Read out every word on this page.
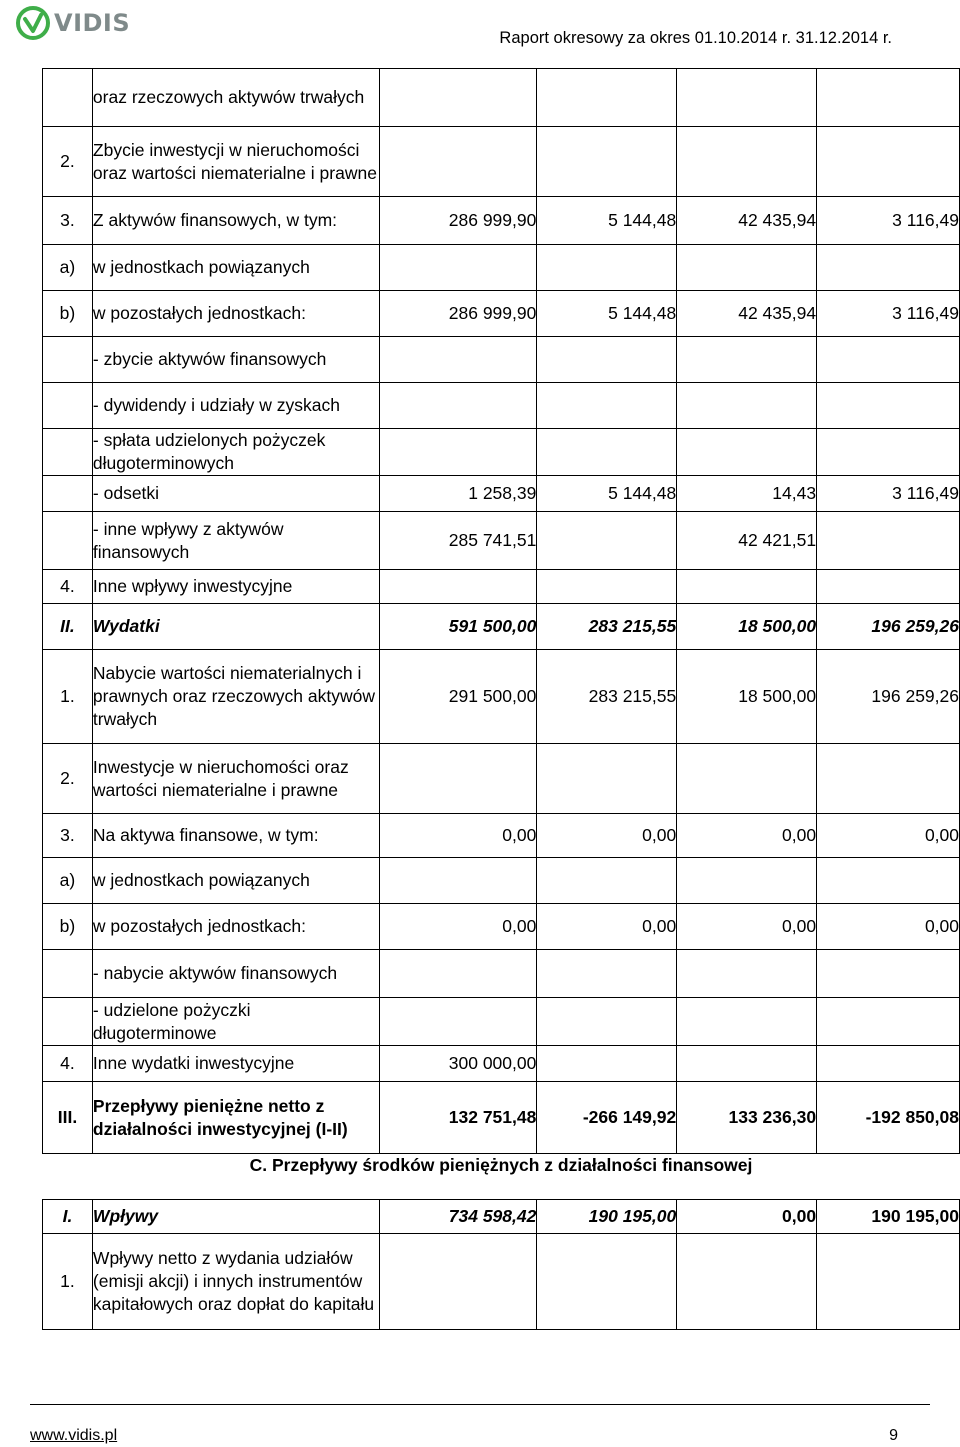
VIDIS
Raport okresowy za okres 01.10.2014 r. 31.12.2014 r.
	oraz rzeczowych aktywów trwałych				
2.	Zbycie inwestycji w nieruchomości oraz wartości niematerialne i prawne				
3.	Z aktywów finansowych, w tym:	286 999,90	5 144,48	42 435,94	3 116,49
a)	w jednostkach powiązanych				
b)	w pozostałych jednostkach:	286 999,90	5 144,48	42 435,94	3 116,49
	- zbycie aktywów finansowych				
	- dywidendy i udziały w zyskach				
	- spłata udzielonych pożyczek długoterminowych				
	- odsetki	1 258,39	5 144,48	14,43	3 116,49
	- inne wpływy z aktywów finansowych	285 741,51		42 421,51	
4.	Inne wpływy inwestycyjne				
II.	Wydatki	591 500,00	283 215,55	18 500,00	196 259,26
1.	Nabycie wartości niematerialnych i prawnych oraz rzeczowych aktywów trwałych	291 500,00	283 215,55	18 500,00	196 259,26
2.	Inwestycje w nieruchomości oraz wartości niematerialne i prawne				
3.	Na aktywa finansowe, w tym:	0,00	0,00	0,00	0,00
a)	w jednostkach powiązanych				
b)	w pozostałych jednostkach:	0,00	0,00	0,00	0,00
	- nabycie aktywów finansowych				
	- udzielone pożyczki długoterminowe				
4.	Inne wydatki inwestycyjne	300 000,00			
III.	Przepływy pieniężne netto z działalności inwestycyjnej (I-II)	132 751,48	-266 149,92	133 236,30	-192 850,08
C. Przepływy środków pieniężnych z działalności finansowej					
I.	Wpływy	734 598,42	190 195,00	0,00	190 195,00
1.	Wpływy netto z wydania udziałów (emisji akcji) i innych instrumentów kapitałowych oraz dopłat do kapitału				
www.vidis.pl	9
